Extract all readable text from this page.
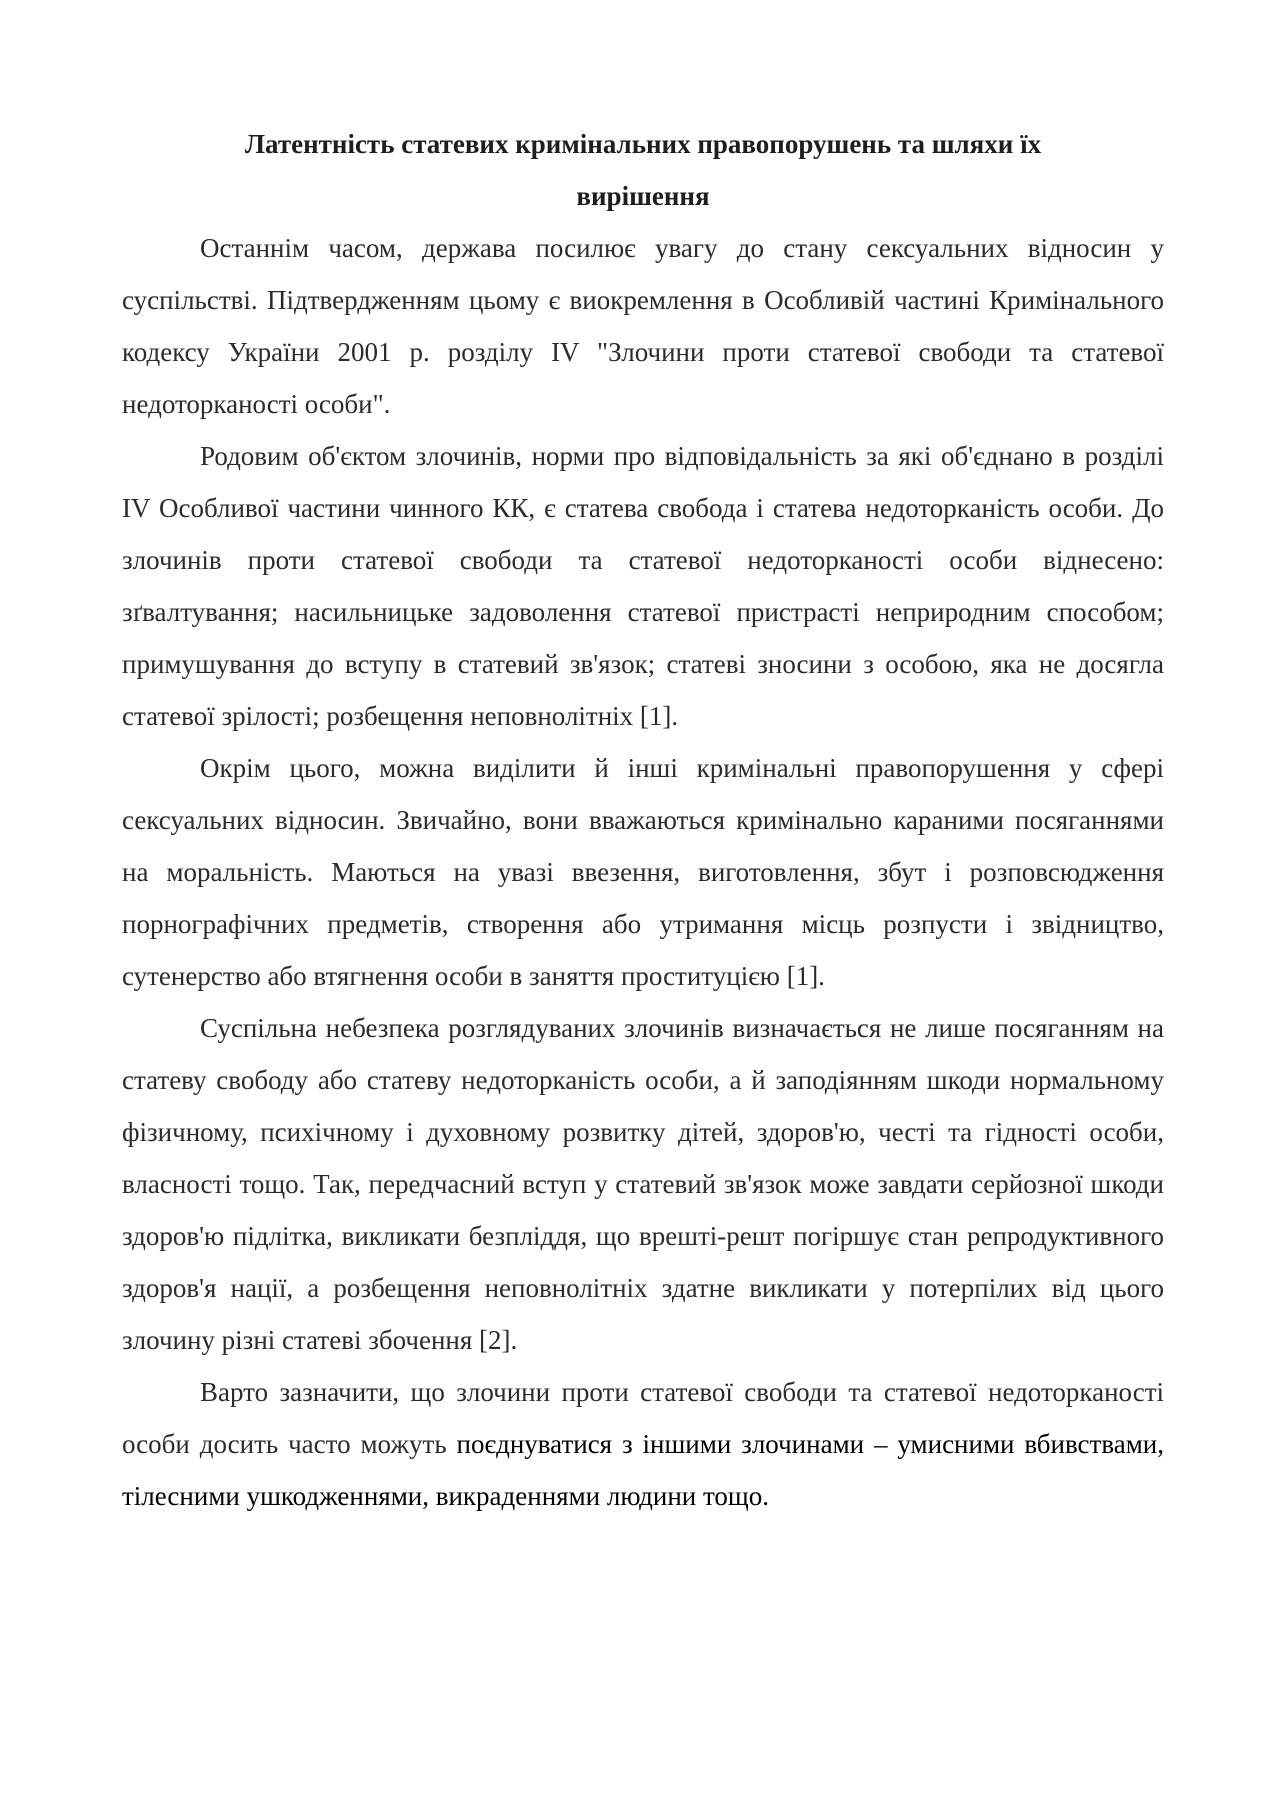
Латентність статевих кримінальних правопорушень та шляхи їх вирішення

Останнім часом, держава посилює увагу до стану сексуальних відносин у суспільстві. Підтвердженням цьому є виокремлення в Особливій частині Кримінального кодексу України 2001 р. розділу IV "Злочини проти статевої свободи та статевої недоторканості особи".

Родовим об'єктом злочинів, норми про відповідальність за які об'єднано в розділі IV Особливої частини чинного КК, є статева свобода і статева недоторканість особи. До злочинів проти статевої свободи та статевої недоторканості особи віднесено: зґвалтування; насильницьке задоволення статевої пристрасті неприродним способом; примушування до вступу в статевий зв'язок; статеві зносини з особою, яка не досягла статевої зрілості; розбещення неповнолітніх [1].

Окрім цього, можна виділити й інші кримінальні правопорушення у сфері сексуальних відносин. Звичайно, вони вважаються кримінально караними посяганнями на моральність. Маються на увазі ввезення, виготовлення, збут і розповсюдження порнографічних предметів, створення або утримання місць розпусти і звідництво, сутенерство або втягнення особи в заняття проституцією [1].

Суспільна небезпека розглядуваних злочинів визначається не лише посяганням на статеву свободу або статеву недоторканість особи, а й заподіянням шкоди нормальному фізичному, психічному і духовному розвитку дітей, здоров'ю, честі та гідності особи, власності тощо. Так, передчасний вступ у статевий зв'язок може завдати серйозної шкоди здоров'ю підлітка, викликати безпліддя, що врешті-решт погіршує стан репродуктивного здоров'я нації, а розбещення неповнолітніх здатне викликати у потерпілих від цього злочину різні статеві збочення [2].

Варто зазначити, що злочини проти статевої свободи та статевої недоторканості особи досить часто можуть поєднуватися з іншими злочинами – умисними вбивствами, тілесними ушкодженнями, викраденнями людини тощо.
